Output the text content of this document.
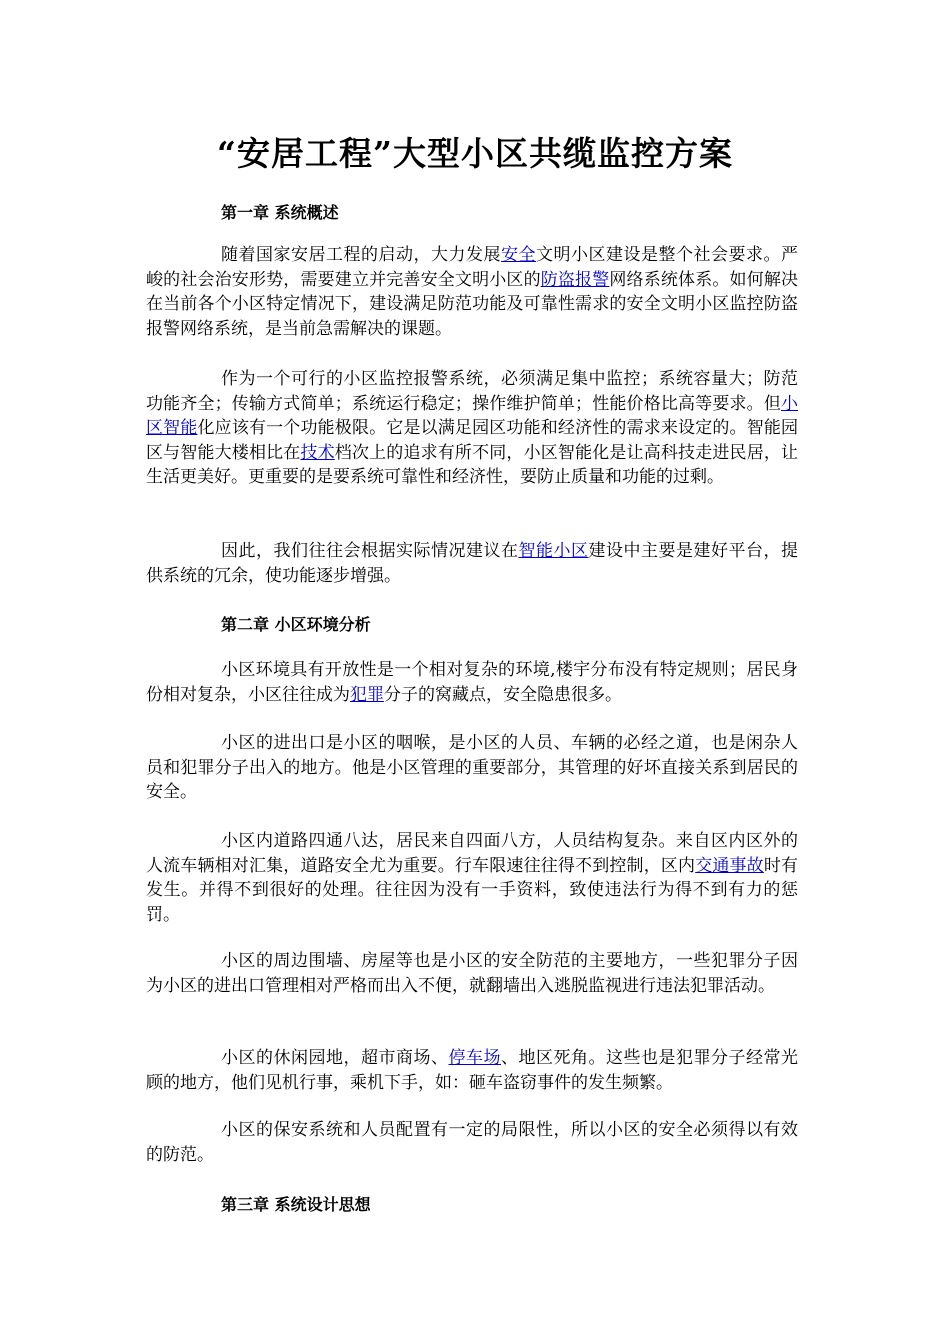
“安居工程”大型小区共缆监控方案

第一章 系统概述

随着国家安居工程的启动，大力发展安全文明小区建设是整个社会要求。严峻的社会治安形势，需要建立并完善安全文明小区的防盗报警网络系统体系。如何解决在当前各个小区特定情况下，建设满足防范功能及可靠性需求的安全文明小区监控防盗报警网络系统，是当前急需解决的课题。

作为一个可行的小区监控报警系统，必须满足集中监控；系统容量大；防范功能齐全；传输方式简单；系统运行稳定；操作维护简单；性能价格比高等要求。但小区智能化应该有一个功能极限。它是以满足园区功能和经济性的需求来设定的。智能园区与智能大楼相比在技术档次上的追求有所不同，小区智能化是让高科技走进民居，让生活更美好。更重要的是要系统可靠性和经济性，要防止质量和功能的过剩。

因此，我们往往会根据实际情况建议在智能小区建设中主要是建好平台，提供系统的冗余，使功能逐步增强。

第二章 小区环境分析

小区环境具有开放性是一个相对复杂的环境,楼宇分布没有特定规则；居民身份相对复杂，小区往往成为犯罪分子的窝藏点，安全隐患很多。

小区的进出口是小区的咽喉，是小区的人员、车辆的必经之道，也是闲杂人员和犯罪分子出入的地方。他是小区管理的重要部分，其管理的好坏直接关系到居民的安全。

小区内道路四通八达，居民来自四面八方，人员结构复杂。来自区内区外的人流车辆相对汇集，道路安全尤为重要。行车限速往往得不到控制，区内交通事故时有发生。并得不到很好的处理。往往因为没有一手资料，致使违法行为得不到有力的惩罚。

小区的周边围墙、房屋等也是小区的安全防范的主要地方，一些犯罪分子因为小区的进出口管理相对严格而出入不便，就翻墙出入逃脱监视进行违法犯罪活动。

小区的休闲园地，超市商场、停车场、地区死角。这些也是犯罪分子经常光顾的地方，他们见机行事，乘机下手，如：砸车盗窃事件的发生频繁。

小区的保安系统和人员配置有一定的局限性，所以小区的安全必须得以有效的防范。

第三章 系统设计思想
